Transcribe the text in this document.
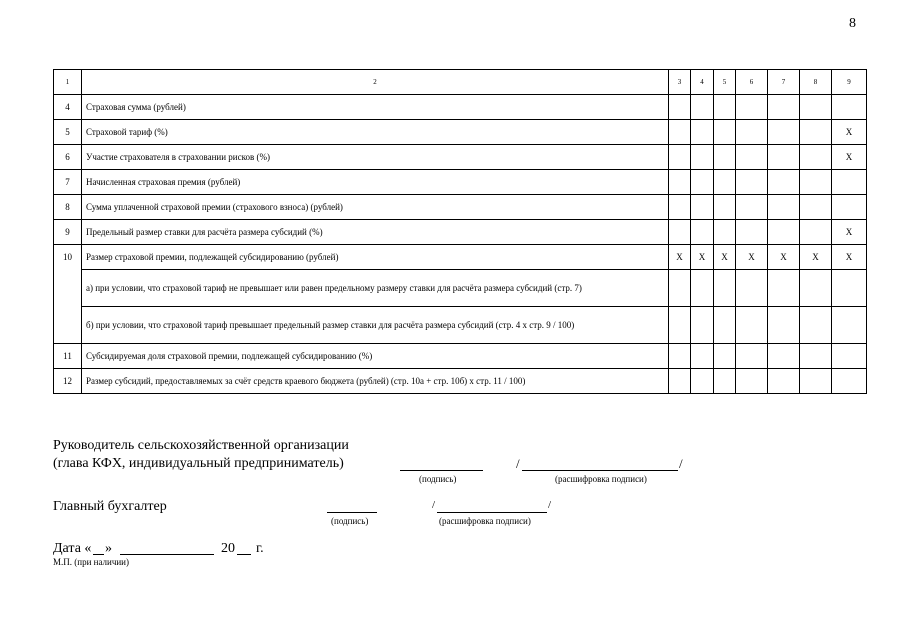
8
1	2	3	4	5	6	7	8	9
4	Страховая сумма (рублей)							
5	Страховой тариф (%)							X
6	Участие страхователя в страховании рисков (%)							X
7	Начисленная страховая премия (рублей)							
8	Сумма уплаченной страховой премии (страхового взноса) (рублей)							
9	Предельный размер ставки для расчёта размера субсидий (%)							X
10	Размер страховой премии, подлежащей субсидированию (рублей)	X	X	X	X	X	X	X
	а) при условии, что страховой тариф не превышает или равен предельному размеру ставки для расчёта размера субсидий (стр. 7)							
	б) при условии, что страховой тариф превышает предельный размер ставки для расчёта размера субсидий (стр. 4 х стр. 9 / 100)							
11	Субсидируемая доля страховой премии, подлежащей субсидированию (%)							
12	Размер субсидий, предоставляемых за счёт средств краевого бюджета (рублей) (стр. 10а + стр. 10б) х стр. 11 / 100)							
Руководитель сельскохозяйственной организации
(глава КФХ, индивидуальный предприниматель)	/	/
(подпись)	(расшифровка подписи)
Главный бухгалтер	/	/
(подпись)	(расшифровка подписи)
Дата « »	20 г.
М.П. (при наличии)
